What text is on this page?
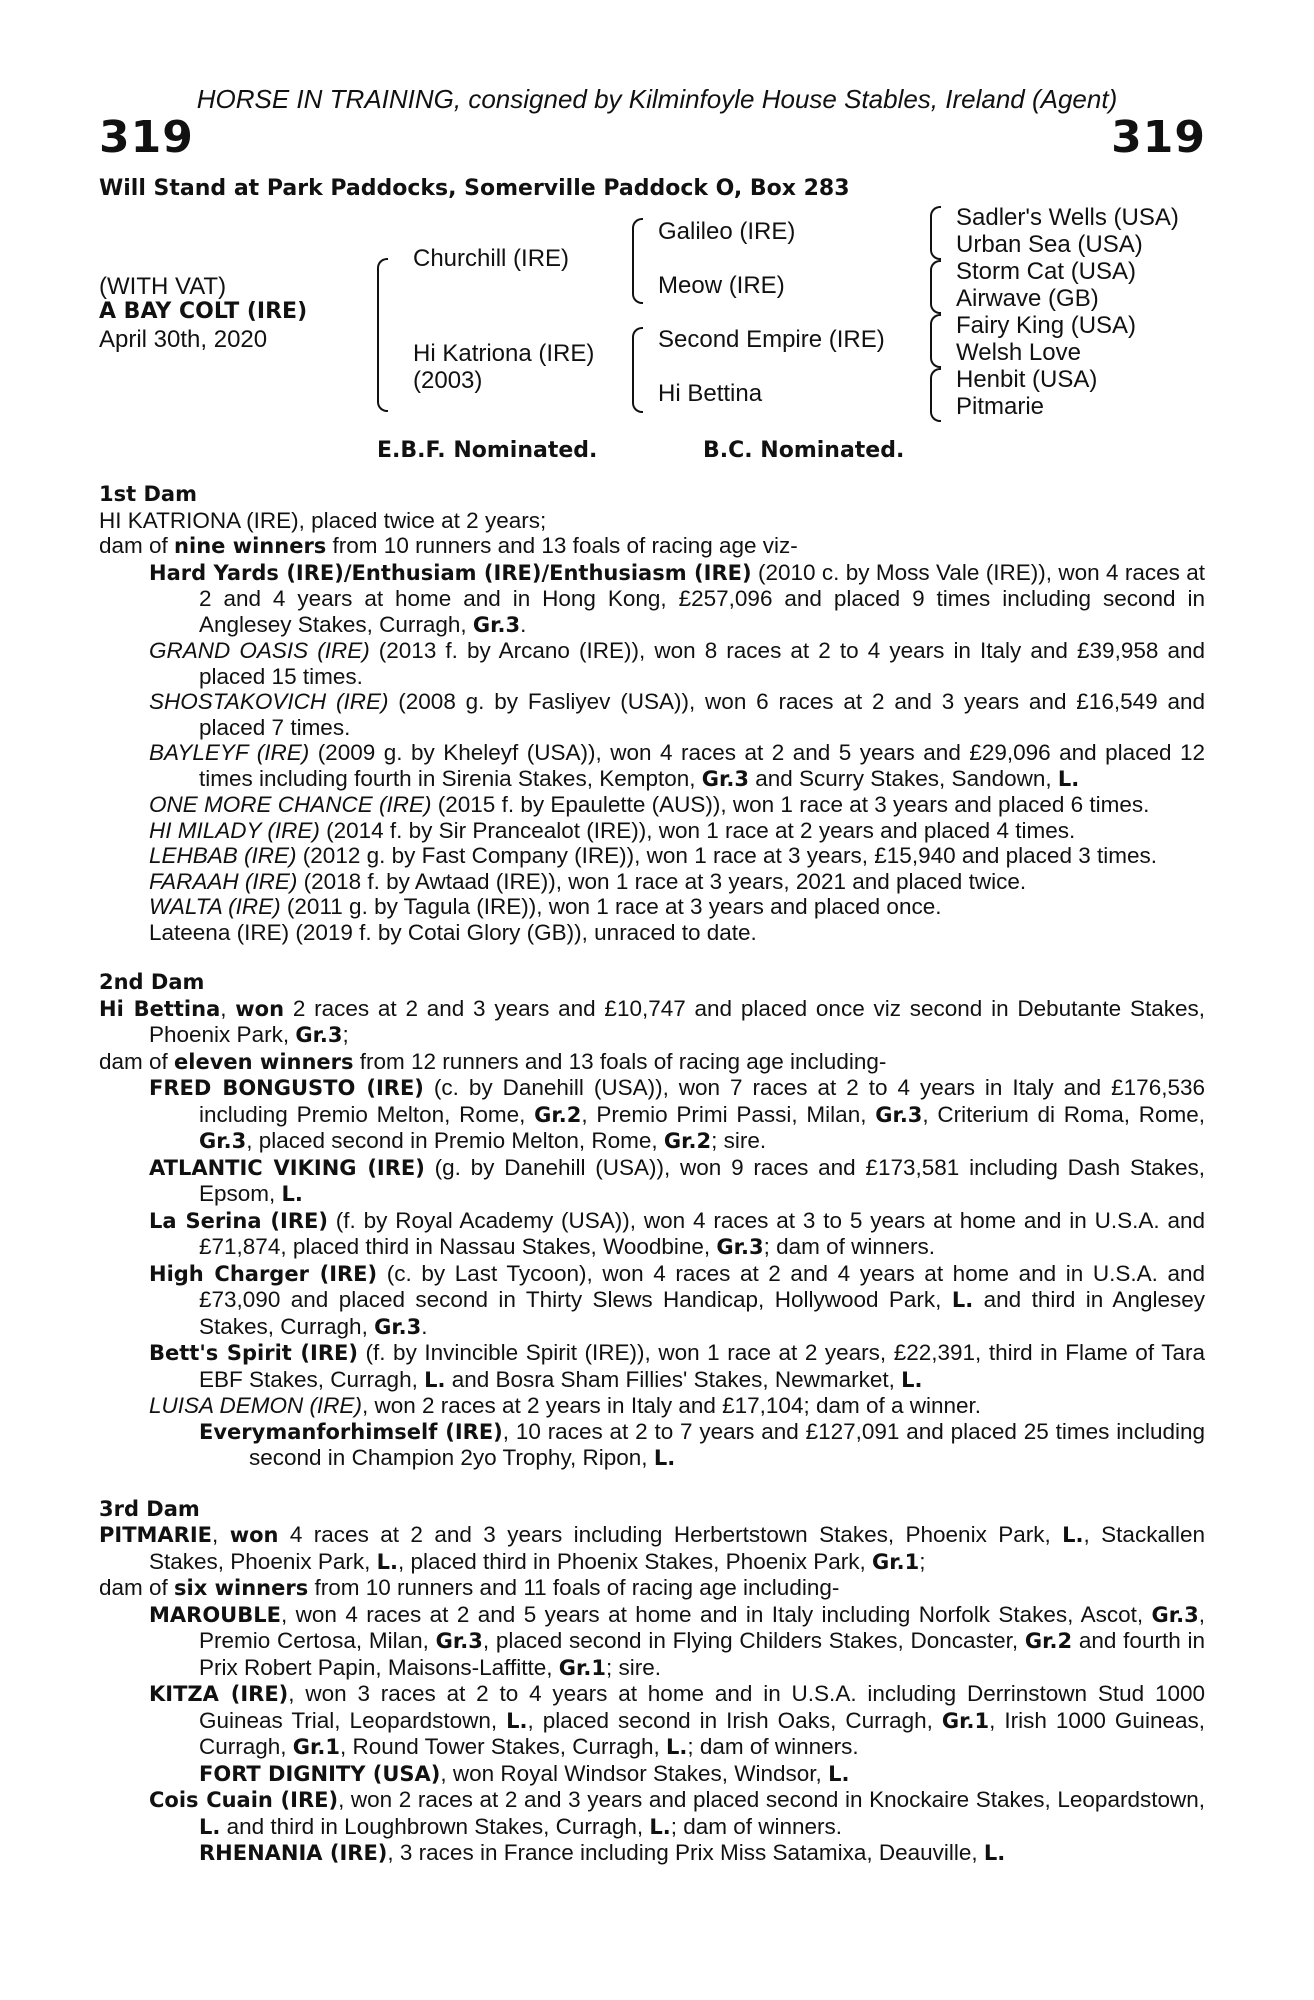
HORSE IN TRAINING, consigned by Kilminfoyle House Stables, Ireland (Agent)
319	319
Will Stand at Park Paddocks, Somerville Paddock O, Box 283
(WITH VAT)
A BAY COLT (IRE)
April 30th, 2020
Churchill (IRE)
Hi Katriona (IRE)
(2003)
Galileo (IRE)
Meow (IRE)
Second Empire (IRE)
Hi Bettina
Sadler's Wells (USA)
Urban Sea (USA)
Storm Cat (USA)
Airwave (GB)
Fairy King (USA)
Welsh Love
Henbit (USA)
Pitmarie
E.B.F. Nominated.	B.C. Nominated.

1st Dam

HI KATRIONA (IRE), placed twice at 2 years;

dam of nine winners from 10 runners and 13 foals of racing age viz-

Hard Yards (IRE)/Enthusiam (IRE)/Enthusiasm (IRE) (2010 c. by Moss Vale (IRE)), won 4 races at 2 and 4 years at home and in Hong Kong, £257,096 and placed 9 times including second in Anglesey Stakes, Curragh, Gr.3.

GRAND OASIS (IRE) (2013 f. by Arcano (IRE)), won 8 races at 2 to 4 years in Italy and £39,958 and placed 15 times.

SHOSTAKOVICH (IRE) (2008 g. by Fasliyev (USA)), won 6 races at 2 and 3 years and £16,549 and placed 7 times.

BAYLEYF (IRE) (2009 g. by Kheleyf (USA)), won 4 races at 2 and 5 years and £29,096 and placed 12 times including fourth in Sirenia Stakes, Kempton, Gr.3 and Scurry Stakes, Sandown, L.

ONE MORE CHANCE (IRE) (2015 f. by Epaulette (AUS)), won 1 race at 3 years and placed 6 times.

HI MILADY (IRE) (2014 f. by Sir Prancealot (IRE)), won 1 race at 2 years and placed 4 times.

LEHBAB (IRE) (2012 g. by Fast Company (IRE)), won 1 race at 3 years, £15,940 and placed 3 times.

FARAAH (IRE) (2018 f. by Awtaad (IRE)), won 1 race at 3 years, 2021 and placed twice.

WALTA (IRE) (2011 g. by Tagula (IRE)), won 1 race at 3 years and placed once.

Lateena (IRE) (2019 f. by Cotai Glory (GB)), unraced to date.

2nd Dam

Hi Bettina, won 2 races at 2 and 3 years and £10,747 and placed once viz second in Debutante Stakes, Phoenix Park, Gr.3;

dam of eleven winners from 12 runners and 13 foals of racing age including-

FRED BONGUSTO (IRE) (c. by Danehill (USA)), won 7 races at 2 to 4 years in Italy and £176,536 including Premio Melton, Rome, Gr.2, Premio Primi Passi, Milan, Gr.3, Criterium di Roma, Rome, Gr.3, placed second in Premio Melton, Rome, Gr.2; sire.

ATLANTIC VIKING (IRE) (g. by Danehill (USA)), won 9 races and £173,581 including Dash Stakes, Epsom, L.

La Serina (IRE) (f. by Royal Academy (USA)), won 4 races at 3 to 5 years at home and in U.S.A. and £71,874, placed third in Nassau Stakes, Woodbine, Gr.3; dam of winners.

High Charger (IRE) (c. by Last Tycoon), won 4 races at 2 and 4 years at home and in U.S.A. and £73,090 and placed second in Thirty Slews Handicap, Hollywood Park, L. and third in Anglesey Stakes, Curragh, Gr.3.

Bett's Spirit (IRE) (f. by Invincible Spirit (IRE)), won 1 race at 2 years, £22,391, third in Flame of Tara EBF Stakes, Curragh, L. and Bosra Sham Fillies' Stakes, Newmarket, L.

LUISA DEMON (IRE), won 2 races at 2 years in Italy and £17,104; dam of a winner.

Everymanforhimself (IRE), 10 races at 2 to 7 years and £127,091 and placed 25 times including second in Champion 2yo Trophy, Ripon, L.

3rd Dam

PITMARIE, won 4 races at 2 and 3 years including Herbertstown Stakes, Phoenix Park, L., Stackallen Stakes, Phoenix Park, L., placed third in Phoenix Stakes, Phoenix Park, Gr.1;

dam of six winners from 10 runners and 11 foals of racing age including-

MAROUBLE, won 4 races at 2 and 5 years at home and in Italy including Norfolk Stakes, Ascot, Gr.3, Premio Certosa, Milan, Gr.3, placed second in Flying Childers Stakes, Doncaster, Gr.2 and fourth in Prix Robert Papin, Maisons-Laffitte, Gr.1; sire.

KITZA (IRE), won 3 races at 2 to 4 years at home and in U.S.A. including Derrinstown Stud 1000 Guineas Trial, Leopardstown, L., placed second in Irish Oaks, Curragh, Gr.1, Irish 1000 Guineas, Curragh, Gr.1, Round Tower Stakes, Curragh, L.; dam of winners.

FORT DIGNITY (USA), won Royal Windsor Stakes, Windsor, L.

Cois Cuain (IRE), won 2 races at 2 and 3 years and placed second in Knockaire Stakes, Leopardstown, L. and third in Loughbrown Stakes, Curragh, L.; dam of winners.

RHENANIA (IRE), 3 races in France including Prix Miss Satamixa, Deauville, L.
